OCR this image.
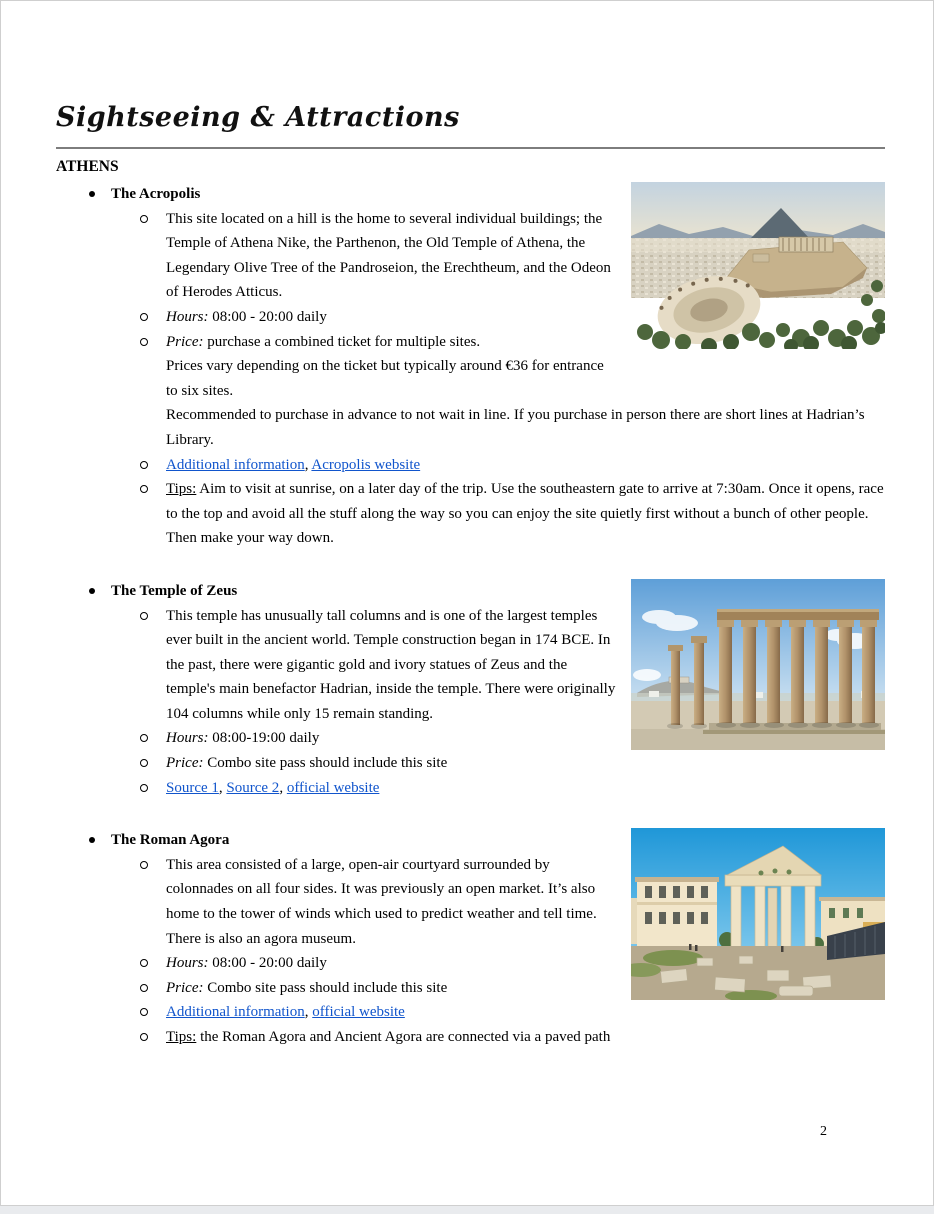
Sightseeing & Attractions
ATHENS
The Acropolis
This site located on a hill is the home to several individual buildings; the Temple of Athena Nike, the Parthenon, the Old Temple of Athena, the Legendary Olive Tree of the Pandroseion, the Erechtheum, and the Odeon of Herodes Atticus.
Hours: 08:00 - 20:00 daily
Price: purchase a combined ticket for multiple sites.
Prices vary depending on the ticket but typically around €36 for entrance to six sites.
Recommended to purchase in advance to not wait in line. If you purchase in person there are short lines at Hadrian’s Library.
Additional information, Acropolis website
Tips: Aim to visit at sunrise, on a later day of the trip. Use the southeastern gate to arrive at 7:30am. Once it opens, race to the top and avoid all the stuff along the way so you can enjoy the site quietly first without a bunch of other people. Then make your way down.
The Temple of Zeus
This temple has unusually tall columns and is one of the largest temples ever built in the ancient world. Temple construction began in 174 BCE. In the past, there were gigantic gold and ivory statues of Zeus and the temple's main benefactor Hadrian, inside the temple. There were originally 104 columns while only 15 remain standing.
Hours: 08:00-19:00 daily
Price: Combo site pass should include this site
Source 1, Source 2, official website
The Roman Agora
This area consisted of a large, open-air courtyard surrounded by colonnades on all four sides. It was previously an open market. It’s also home to the tower of winds which used to predict weather and tell time. There is also an agora museum.
Hours: 08:00 - 20:00 daily
Price: Combo site pass should include this site
Additional information, official website
Tips: the Roman Agora and Ancient Agora are connected via a paved path
2
